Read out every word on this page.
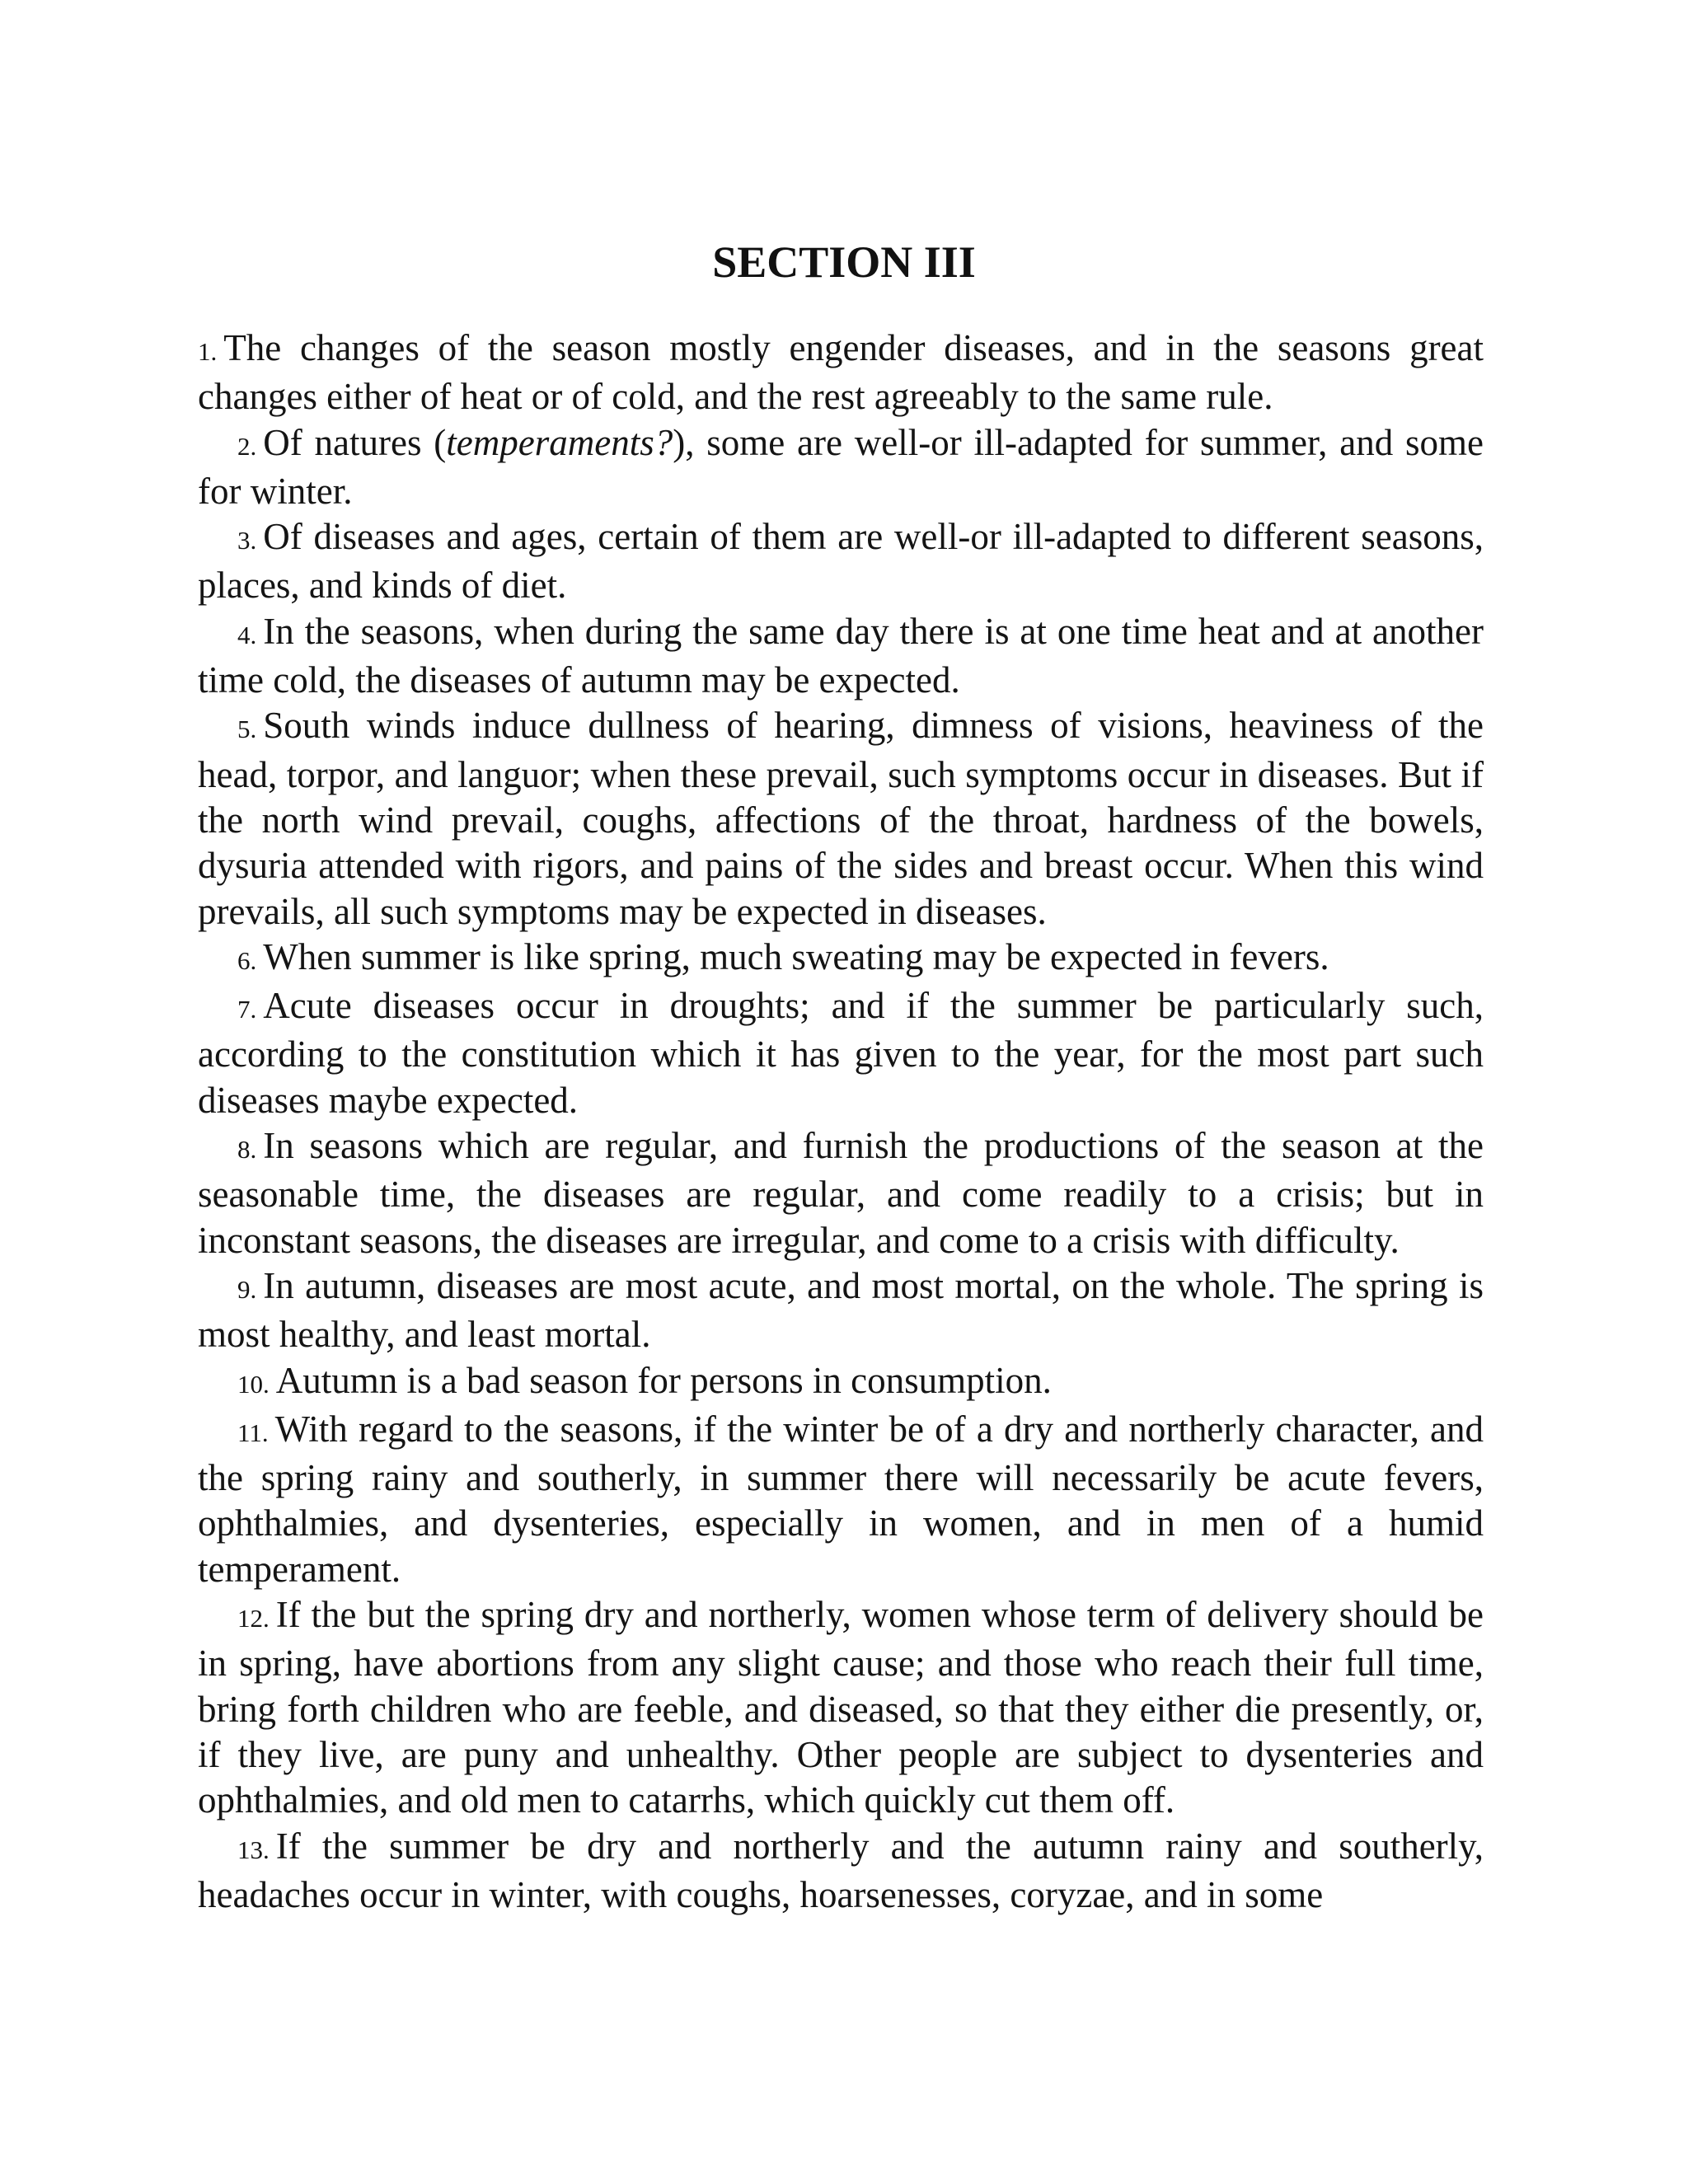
SECTION III

1. The changes of the season mostly engender diseases, and in the seasons great changes either of heat or of cold, and the rest agreeably to the same rule.

2. Of natures (temperaments?), some are well-or ill-adapted for summer, and some for winter.

3. Of diseases and ages, certain of them are well-or ill-adapted to different seasons, places, and kinds of diet.

4. In the seasons, when during the same day there is at one time heat and at another time cold, the diseases of autumn may be expected.

5. South winds induce dullness of hearing, dimness of visions, heaviness of the head, torpor, and languor; when these prevail, such symptoms occur in diseases. But if the north wind prevail, coughs, affections of the throat, hardness of the bowels, dysuria attended with rigors, and pains of the sides and breast occur. When this wind prevails, all such symptoms may be expected in diseases.

6. When summer is like spring, much sweating may be expected in fevers.

7. Acute diseases occur in droughts; and if the summer be particularly such, according to the constitution which it has given to the year, for the most part such diseases maybe expected.

8. In seasons which are regular, and furnish the productions of the season at the seasonable time, the diseases are regular, and come readily to a crisis; but in inconstant seasons, the diseases are irregular, and come to a crisis with difficulty.

9. In autumn, diseases are most acute, and most mortal, on the whole. The spring is most healthy, and least mortal.

10. Autumn is a bad season for persons in consumption.

11. With regard to the seasons, if the winter be of a dry and northerly character, and the spring rainy and southerly, in summer there will necessarily be acute fevers, ophthalmies, and dysenteries, especially in women, and in men of a humid temperament.

12. If the but the spring dry and northerly, women whose term of delivery should be in spring, have abortions from any slight cause; and those who reach their full time, bring forth children who are feeble, and diseased, so that they either die presently, or, if they live, are puny and unhealthy. Other people are subject to dysenteries and ophthalmies, and old men to catarrhs, which quickly cut them off.

13. If the summer be dry and northerly and the autumn rainy and southerly, headaches occur in winter, with coughs, hoarsenesses, coryzae, and in some
